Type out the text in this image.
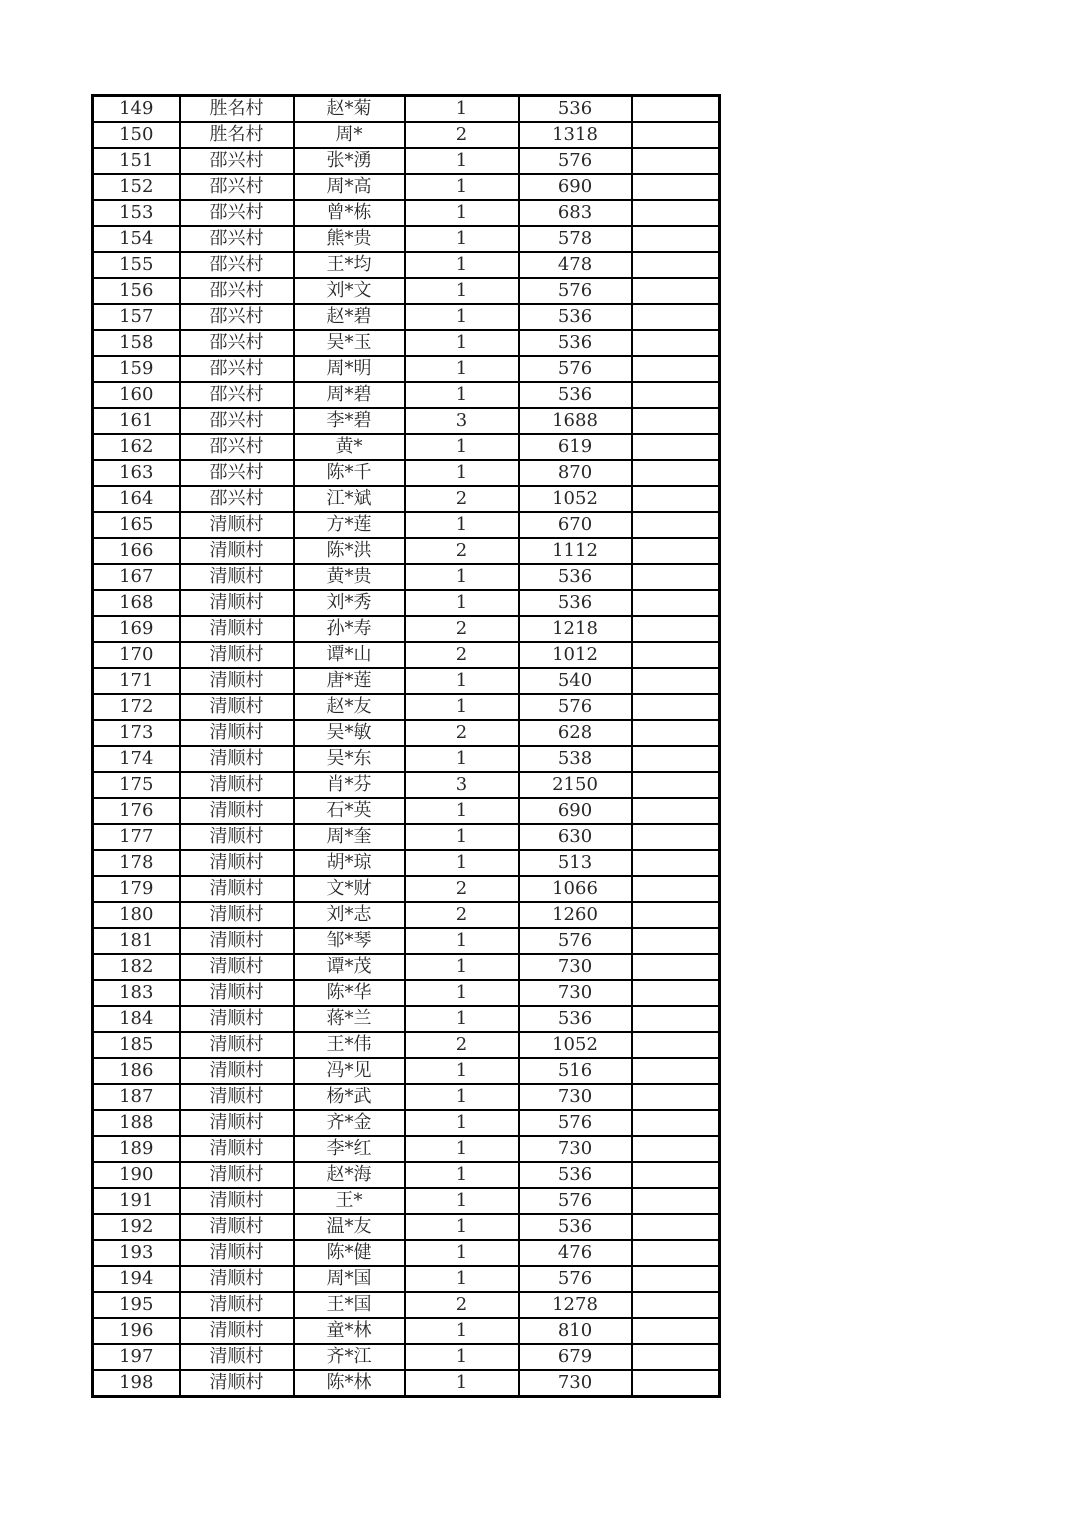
149	胜名村	赵*菊	1	536	
150	胜名村	周*	2	1318	
151	邵兴村	张*湧	1	576	
152	邵兴村	周*高	1	690	
153	邵兴村	曾*栋	1	683	
154	邵兴村	熊*贵	1	578	
155	邵兴村	王*均	1	478	
156	邵兴村	刘*文	1	576	
157	邵兴村	赵*碧	1	536	
158	邵兴村	吴*玉	1	536	
159	邵兴村	周*明	1	576	
160	邵兴村	周*碧	1	536	
161	邵兴村	李*碧	3	1688	
162	邵兴村	黄*	1	619	
163	邵兴村	陈*千	1	870	
164	邵兴村	江*斌	2	1052	
165	清顺村	方*莲	1	670	
166	清顺村	陈*洪	2	1112	
167	清顺村	黄*贵	1	536	
168	清顺村	刘*秀	1	536	
169	清顺村	孙*寿	2	1218	
170	清顺村	谭*山	2	1012	
171	清顺村	唐*莲	1	540	
172	清顺村	赵*友	1	576	
173	清顺村	吴*敏	2	628	
174	清顺村	吴*东	1	538	
175	清顺村	肖*芬	3	2150	
176	清顺村	石*英	1	690	
177	清顺村	周*奎	1	630	
178	清顺村	胡*琼	1	513	
179	清顺村	文*财	2	1066	
180	清顺村	刘*志	2	1260	
181	清顺村	邹*琴	1	576	
182	清顺村	谭*茂	1	730	
183	清顺村	陈*华	1	730	
184	清顺村	蒋*兰	1	536	
185	清顺村	王*伟	2	1052	
186	清顺村	冯*见	1	516	
187	清顺村	杨*武	1	730	
188	清顺村	齐*金	1	576	
189	清顺村	李*红	1	730	
190	清顺村	赵*海	1	536	
191	清顺村	王*	1	576	
192	清顺村	温*友	1	536	
193	清顺村	陈*健	1	476	
194	清顺村	周*国	1	576	
195	清顺村	王*国	2	1278	
196	清顺村	童*林	1	810	
197	清顺村	齐*江	1	679	
198	清顺村	陈*林	1	730	
